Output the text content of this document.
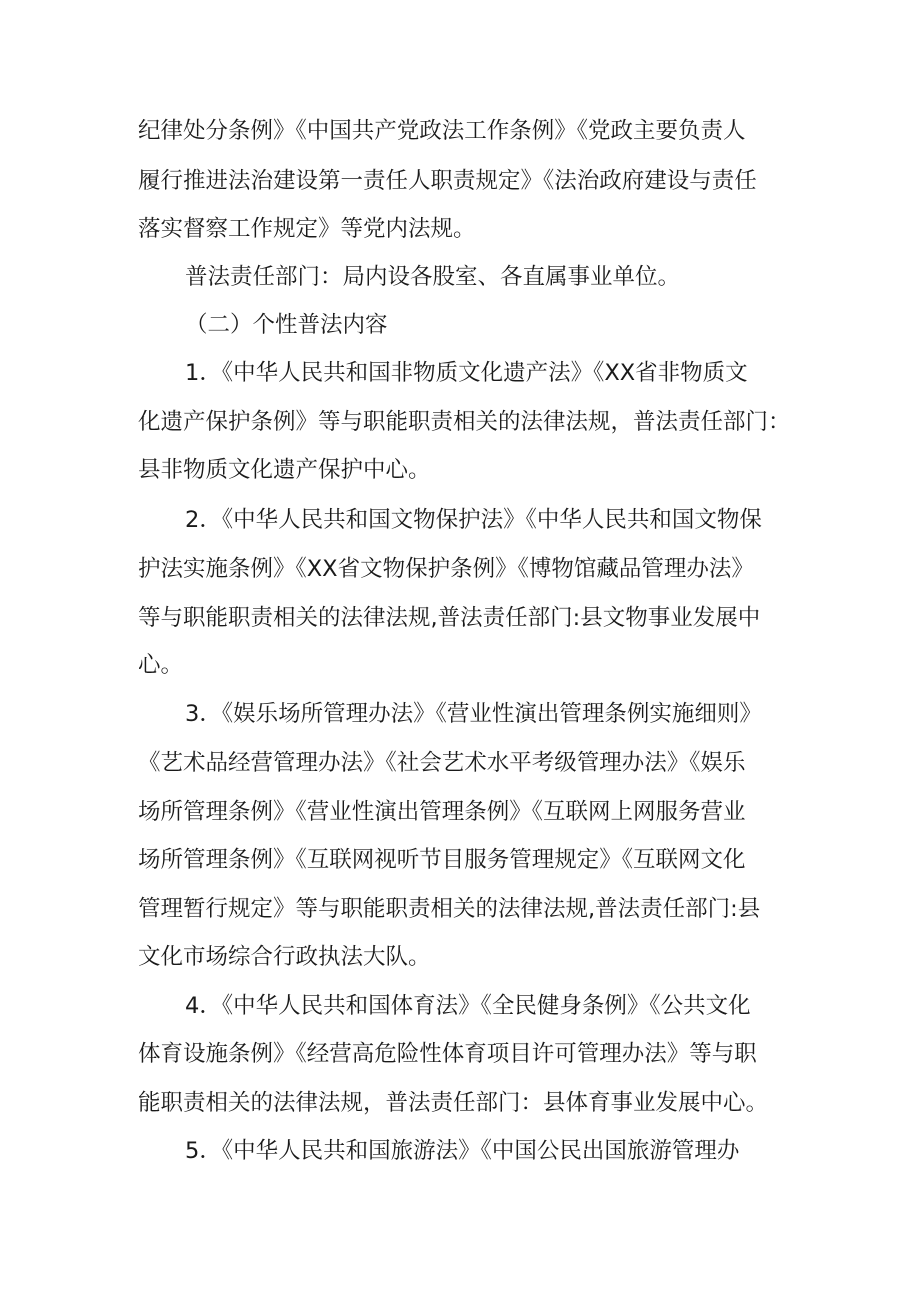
纪律处分条例》《中国共产党政法工作条例》《党政主要负责人
履行推进法治建设第一责任人职责规定》《法治政府建设与责任
落实督察工作规定》等党内法规。
普法责任部门：局内设各股室、各直属事业单位。
（二）个性普法内容
1．《中华人民共和国非物质文化遗产法》《XX省非物质文
化遗产保护条例》等与职能职责相关的法律法规，普法责任部门：
县非物质文化遗产保护中心。
2．《中华人民共和国文物保护法》《中华人民共和国文物保
护法实施条例》《XX省文物保护条例》《博物馆藏品管理办法》
等与职能职责相关的法律法规,普法责任部门:县文物事业发展中
心。
3．《娱乐场所管理办法》《营业性演出管理条例实施细则》
《艺术品经营管理办法》《社会艺术水平考级管理办法》《娱乐
场所管理条例》《营业性演出管理条例》《互联网上网服务营业
场所管理条例》《互联网视听节目服务管理规定》《互联网文化
管理暂行规定》等与职能职责相关的法律法规,普法责任部门:县
文化市场综合行政执法大队。
4．《中华人民共和国体育法》《全民健身条例》《公共文化
体育设施条例》《经营高危险性体育项目许可管理办法》等与职
能职责相关的法律法规，普法责任部门：县体育事业发展中心。
5．《中华人民共和国旅游法》《中国公民出国旅游管理办
